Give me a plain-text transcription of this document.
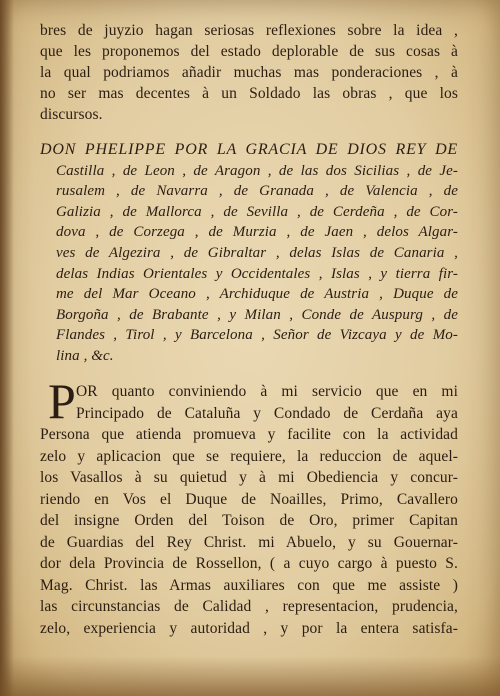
bres de juyzio hagan seriosas reflexiones sobre la idea ,
que les proponemos del estado deplorable de sus cosas à
la qual podriamos añadir muchas mas ponderaciones , à
no ser mas decentes à un Soldado las obras , que los
discursos.
DON PHELIPPE POR LA GRACIA DE DIOS REY DE
Castilla , de Leon , de Aragon , de las dos Sicilias , de Je-
rusalem , de Navarra , de Granada , de Valencia , de
Galizia , de Mallorca , de Sevilla , de Cerdeña , de Cor-
dova , de Corzega , de Murzia , de Jaen , delos Algar-
ves de Algezira , de Gibraltar , delas Islas de Canaria ,
delas Indias Orientales y Occidentales , Islas , y tierra fir-
me del Mar Oceano , Archiduque de Austria , Duque de
Borgoña , de Brabante , y Milan , Conde de Auspurg , de
Flandes , Tirol , y Barcelona , Señor de Vizcaya y de Mo-
lina , &c.
P OR quanto conviniendo à mi servicio que en mi
Principado de Cataluña y Condado de Cerdaña aya
Persona que atienda promueva y facilite con la actividad
zelo y aplicacion que se requiere, la reduccion de aquel-
los Vasallos à su quietud y à mi Obediencia y concur-
riendo en Vos el Duque de Noailles, Primo, Cavallero
del insigne Orden del Toison de Oro, primer Capitan
de Guardias del Rey Christ. mi Abuelo, y su Gouernar-
dor dela Provincia de Rossellon, ( a cuyo cargo à puesto S.
Mag. Christ. las Armas auxiliares con que me assiste )
las circunstancias de Calidad , representacion, prudencia,
zelo, experiencia y autoridad , y por la entera satisfa-
